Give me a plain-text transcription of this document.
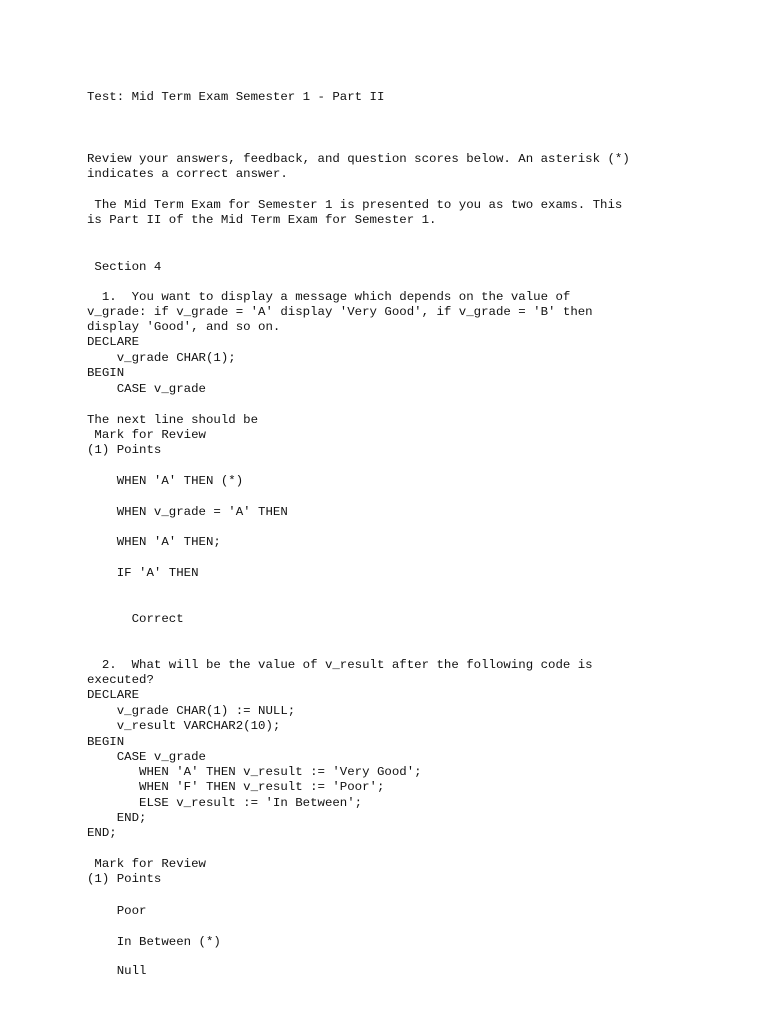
Test: Mid Term Exam Semester 1 - Part II
Review your answers, feedback, and question scores below. An asterisk (*)
indicates a correct answer.
The Mid Term Exam for Semester 1 is presented to you as two exams. This
is Part II of the Mid Term Exam for Semester 1.
Section 4
1.  You want to display a message which depends on the value of
v_grade: if v_grade = 'A' display 'Very Good', if v_grade = 'B' then
display 'Good', and so on.
DECLARE
v_grade CHAR(1);
BEGIN
CASE v_grade
The next line should be
Mark for Review
(1) Points
WHEN 'A' THEN (*)
WHEN v_grade = 'A' THEN
WHEN 'A' THEN;
IF 'A' THEN
Correct
2.  What will be the value of v_result after the following code is
executed?
DECLARE
v_grade CHAR(1) := NULL;
v_result VARCHAR2(10);
BEGIN
CASE v_grade
WHEN 'A' THEN v_result := 'Very Good';
WHEN 'F' THEN v_result := 'Poor';
ELSE v_result := 'In Between';
END;
END;
Mark for Review
(1) Points
Poor
In Between (*)
Null
